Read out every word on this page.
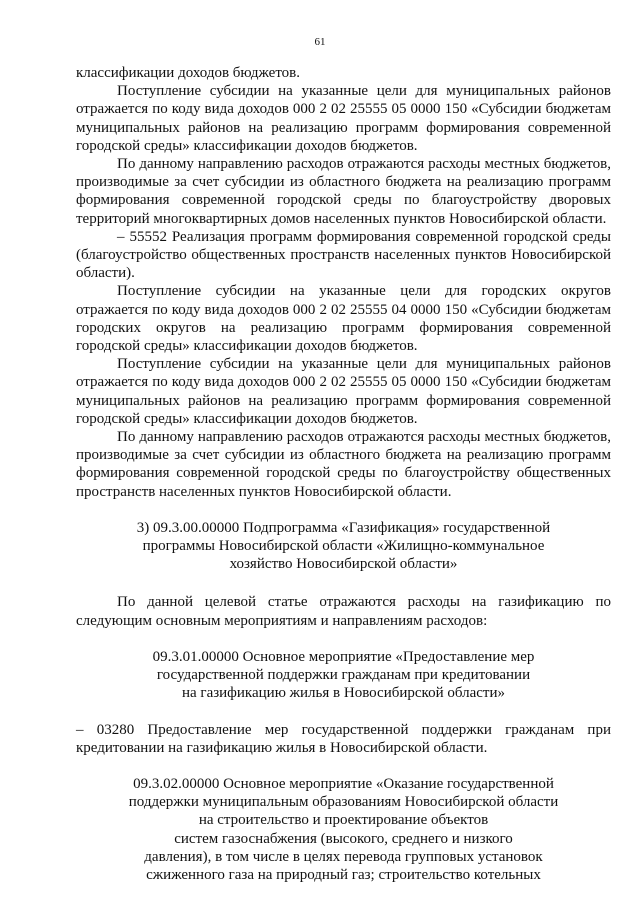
61

классификации доходов бюджетов.

Поступление субсидии на указанные цели для муниципальных районов отражается по коду вида доходов 000 2 02 25555 05 0000 150 «Субсидии бюджетам муниципальных районов на реализацию программ формирования современной городской среды» классификации доходов бюджетов.

По данному направлению расходов отражаются расходы местных бюджетов, производимые за счет субсидии из областного бюджета на реализацию программ формирования современной городской среды по благоустройству дворовых территорий многоквартирных домов населенных пунктов Новосибирской области.

– 55552 Реализация программ формирования современной городской среды (благоустройство общественных пространств населенных пунктов Новосибирской области).

Поступление субсидии на указанные цели для городских округов отражается по коду вида доходов 000 2 02 25555 04 0000 150 «Субсидии бюджетам городских округов на реализацию программ формирования современной городской среды» классификации доходов бюджетов.

Поступление субсидии на указанные цели для муниципальных районов отражается по коду вида доходов 000 2 02 25555 05 0000 150 «Субсидии бюджетам муниципальных районов на реализацию программ формирования современной городской среды» классификации доходов бюджетов.

По данному направлению расходов отражаются расходы местных бюджетов, производимые за счет субсидии из областного бюджета на реализацию программ формирования современной городской среды по благоустройству общественных пространств населенных пунктов Новосибирской области.

3) 09.3.00.00000 Подпрограмма «Газификация» государственной

программы Новосибирской области «Жилищно-коммунальное

хозяйство Новосибирской области»

По данной целевой статье отражаются расходы на газификацию по следующим основным мероприятиям и направлениям расходов:

09.3.01.00000 Основное мероприятие «Предоставление мер

государственной поддержки гражданам при кредитовании

на газификацию жилья в Новосибирской области»

– 03280 Предоставление мер государственной поддержки гражданам при кредитовании на газификацию жилья в Новосибирской области.

09.3.02.00000 Основное мероприятие «Оказание государственной

поддержки муниципальным образованиям Новосибирской области

на строительство и проектирование объектов

систем газоснабжения (высокого, среднего и низкого

давления), в том числе в целях перевода групповых установок

сжиженного газа на природный газ; строительство котельных
